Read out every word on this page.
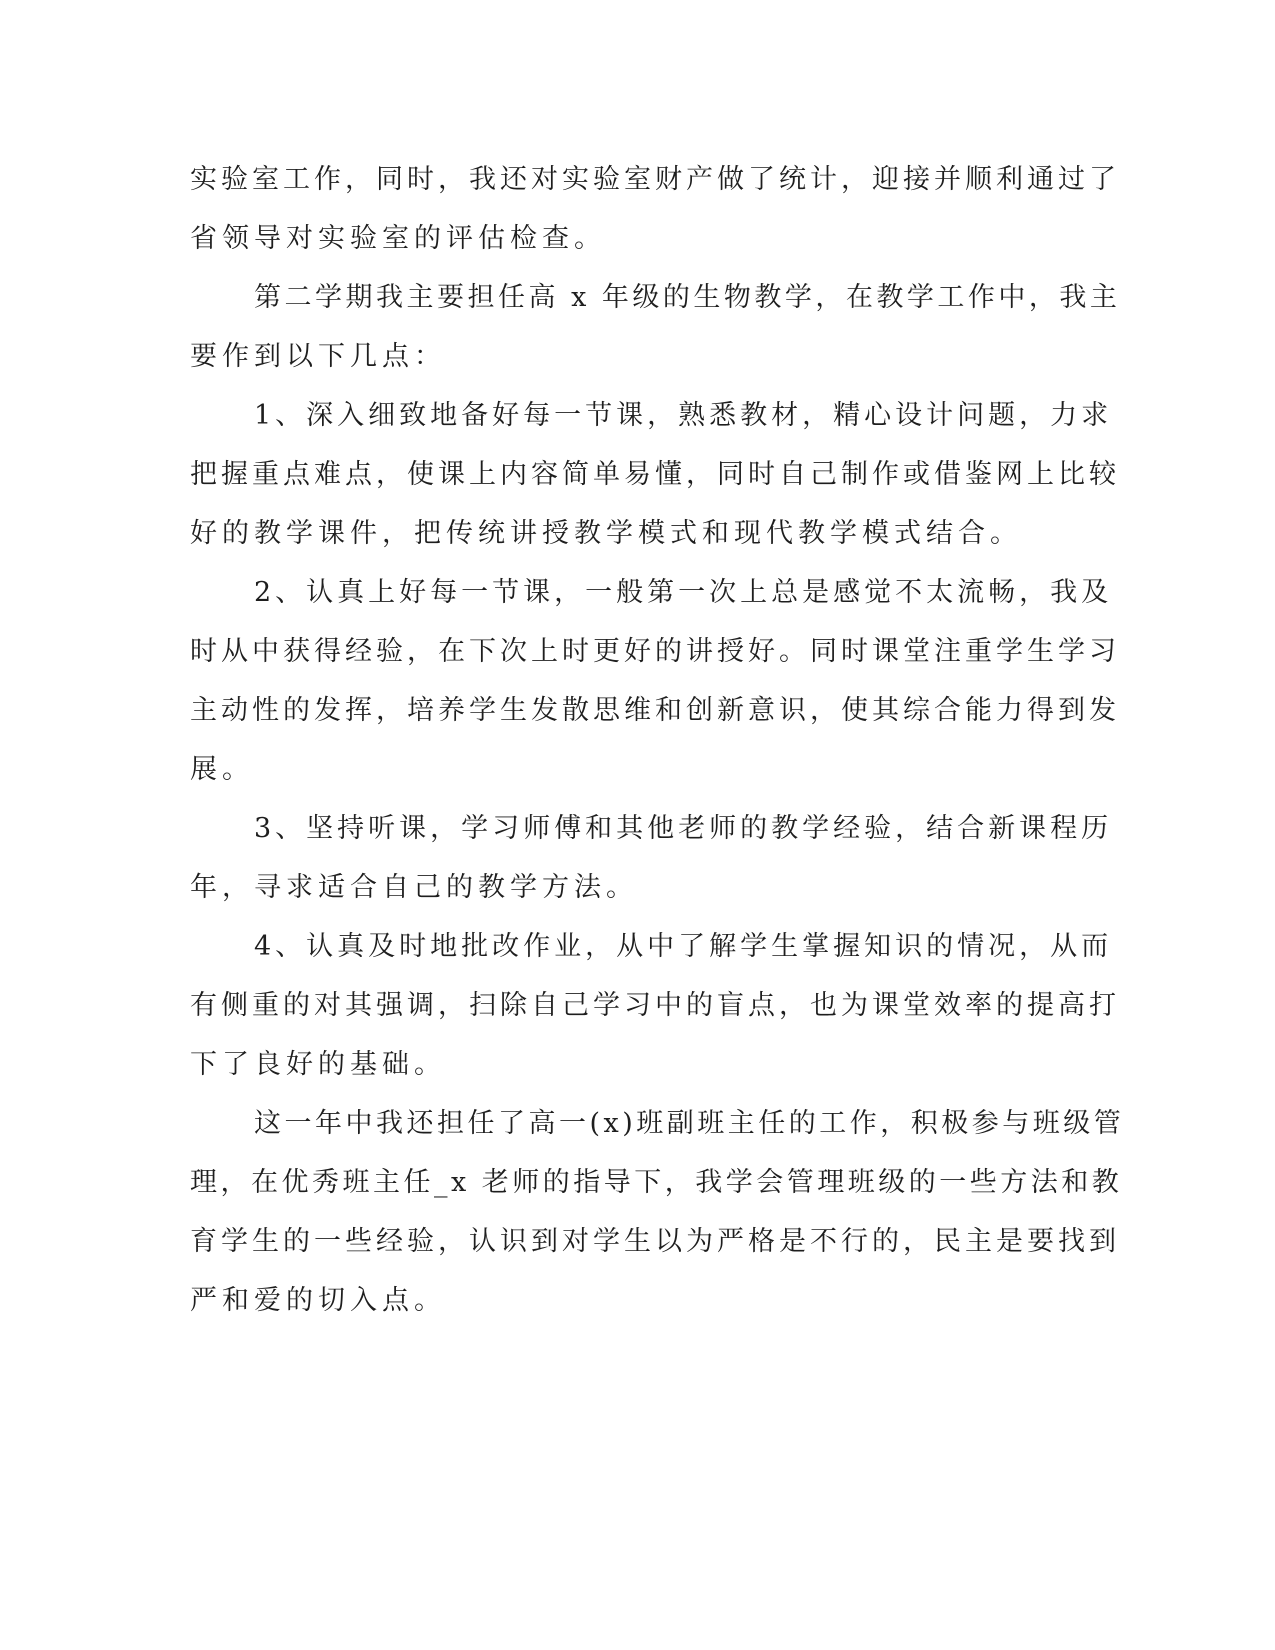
实验室工作，同时，我还对实验室财产做了统计，迎接并顺利通过了
省领导对实验室的评估检查。
第二学期我主要担任高 x 年级的生物教学，在教学工作中，我主
要作到以下几点：
1、深入细致地备好每一节课，熟悉教材，精心设计问题，力求
把握重点难点，使课上内容简单易懂，同时自己制作或借鉴网上比较
好的教学课件，把传统讲授教学模式和现代教学模式结合。
2、认真上好每一节课，一般第一次上总是感觉不太流畅，我及
时从中获得经验，在下次上时更好的讲授好。同时课堂注重学生学习
主动性的发挥，培养学生发散思维和创新意识，使其综合能力得到发
展。
3、坚持听课，学习师傅和其他老师的教学经验，结合新课程历
年，寻求适合自己的教学方法。
4、认真及时地批改作业，从中了解学生掌握知识的情况，从而
有侧重的对其强调，扫除自己学习中的盲点，也为课堂效率的提高打
下了良好的基础。
这一年中我还担任了高一(x)班副班主任的工作，积极参与班级管
理，在优秀班主任_x 老师的指导下，我学会管理班级的一些方法和教
育学生的一些经验，认识到对学生以为严格是不行的，民主是要找到
严和爱的切入点。
